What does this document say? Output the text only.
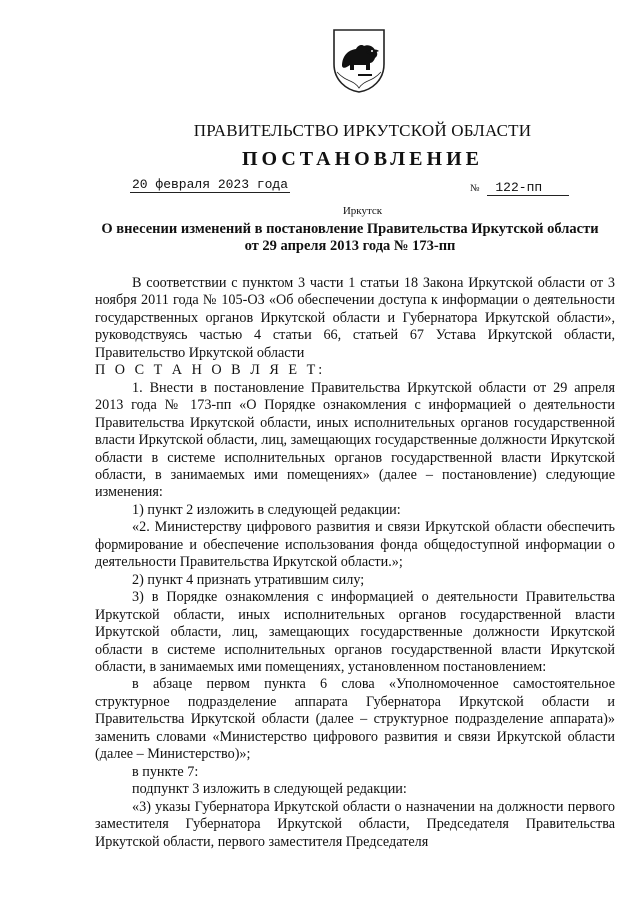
ПРАВИТЕЛЬСТВО ИРКУТСКОЙ ОБЛАСТИ
ПОСТАНОВЛЕНИЕ
20 февраля 2023 года	№ 122-пп
Иркутск
О внесении изменений в постановление Правительства Иркутской области
от 29 апреля 2013 года № 173-пп

В соответствии с пунктом 3 части 1 статьи 18 Закона Иркутской области от 3 ноября 2011 года № 105-ОЗ «Об обеспечении доступа к информации о деятельности государственных органов Иркутской области и Губернатора Иркутской области», руководствуясь частью 4 статьи 66, статьей 67 Устава Иркутской области, Правительство Иркутской области

П О С Т А Н О В Л Я Е Т:

1. Внести в постановление Правительства Иркутской области от 29 апреля 2013 года № 173-пп «О Порядке ознакомления с информацией о деятельности Правительства Иркутской области, иных исполнительных органов государственной власти Иркутской области, лиц, замещающих государственные должности Иркутской области в системе исполнительных органов государственной власти Иркутской области, в занимаемых ими помещениях» (далее – постановление) следующие изменения:

1) пункт 2 изложить в следующей редакции:

«2. Министерству цифрового развития и связи Иркутской области обеспечить формирование и обеспечение использования фонда общедоступной информации о деятельности Правительства Иркутской области.»;

2) пункт 4 признать утратившим силу;

3) в Порядке ознакомления с информацией о деятельности Правительства Иркутской области, иных исполнительных органов государственной власти Иркутской области, лиц, замещающих государственные должности Иркутской области в системе исполнительных органов государственной власти Иркутской области, в занимаемых ими помещениях, установленном постановлением:

в абзаце первом пункта 6 слова «Уполномоченное самостоятельное структурное подразделение аппарата Губернатора Иркутской области и Правительства Иркутской области (далее – структурное подразделение аппарата)» заменить словами «Министерство цифрового развития и связи Иркутской области (далее – Министерство)»;

в пункте 7:

подпункт 3 изложить в следующей редакции:

«3) указы Губернатора Иркутской области о назначении на должности первого заместителя Губернатора Иркутской области, Председателя Правительства Иркутской области, первого заместителя Председателя
